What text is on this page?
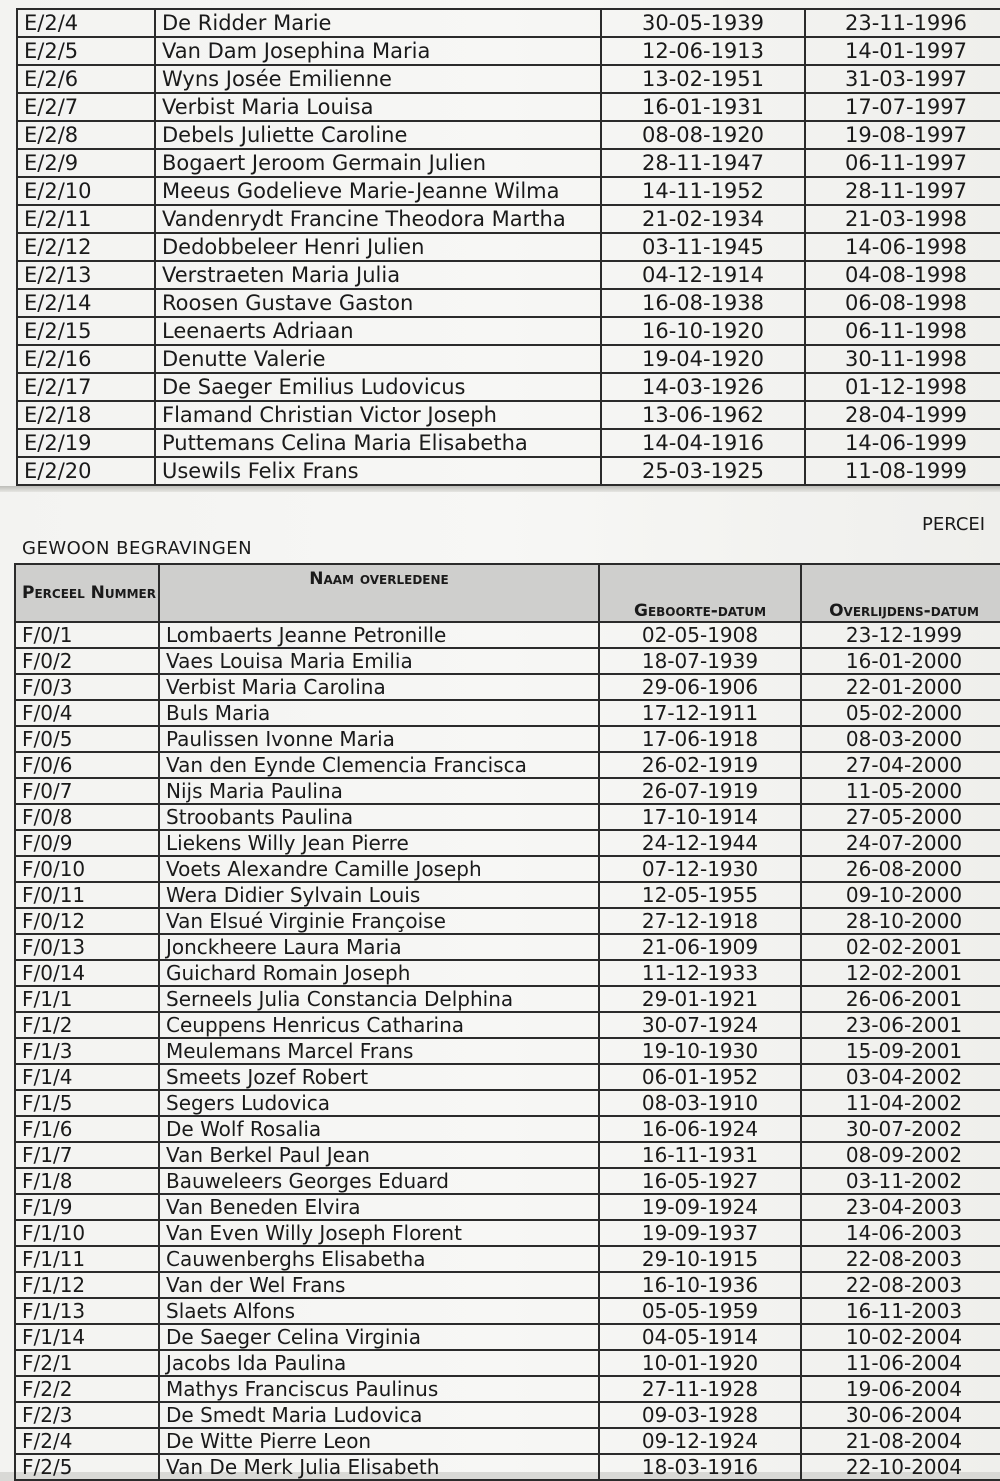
E/2/4	De Ridder Marie	30-05-1939	23-11-1996
E/2/5	Van Dam Josephina Maria	12-06-1913	14-01-1997
E/2/6	Wyns Josée Emilienne	13-02-1951	31-03-1997
E/2/7	Verbist Maria Louisa	16-01-1931	17-07-1997
E/2/8	Debels Juliette Caroline	08-08-1920	19-08-1997
E/2/9	Bogaert Jeroom Germain Julien	28-11-1947	06-11-1997
E/2/10	Meeus Godelieve Marie-Jeanne Wilma	14-11-1952	28-11-1997
E/2/11	Vandenrydt Francine Theodora Martha	21-02-1934	21-03-1998
E/2/12	Dedobbeleer Henri Julien	03-11-1945	14-06-1998
E/2/13	Verstraeten Maria Julia	04-12-1914	04-08-1998
E/2/14	Roosen Gustave Gaston	16-08-1938	06-08-1998
E/2/15	Leenaerts Adriaan	16-10-1920	06-11-1998
E/2/16	Denutte Valerie	19-04-1920	30-11-1998
E/2/17	De Saeger Emilius Ludovicus	14-03-1926	01-12-1998
E/2/18	Flamand Christian Victor Joseph	13-06-1962	28-04-1999
E/2/19	Puttemans Celina Maria Elisabetha	14-04-1916	14-06-1999
E/2/20	Usewils Felix Frans	25-03-1925	11-08-1999
PERCEI
GEWOON BEGRAVINGEN
Perceel Nummer	Naam overledene	Geboorte-datum	Overlijdens-datum
F/0/1	Lombaerts Jeanne Petronille	02-05-1908	23-12-1999
F/0/2	Vaes Louisa Maria Emilia	18-07-1939	16-01-2000
F/0/3	Verbist Maria Carolina	29-06-1906	22-01-2000
F/0/4	Buls Maria	17-12-1911	05-02-2000
F/0/5	Paulissen Ivonne Maria	17-06-1918	08-03-2000
F/0/6	Van den Eynde Clemencia Francisca	26-02-1919	27-04-2000
F/0/7	Nijs Maria Paulina	26-07-1919	11-05-2000
F/0/8	Stroobants Paulina	17-10-1914	27-05-2000
F/0/9	Liekens Willy Jean Pierre	24-12-1944	24-07-2000
F/0/10	Voets Alexandre Camille Joseph	07-12-1930	26-08-2000
F/0/11	Wera Didier Sylvain Louis	12-05-1955	09-10-2000
F/0/12	Van Elsué Virginie Françoise	27-12-1918	28-10-2000
F/0/13	Jonckheere Laura Maria	21-06-1909	02-02-2001
F/0/14	Guichard Romain Joseph	11-12-1933	12-02-2001
F/1/1	Serneels Julia Constancia Delphina	29-01-1921	26-06-2001
F/1/2	Ceuppens Henricus Catharina	30-07-1924	23-06-2001
F/1/3	Meulemans Marcel Frans	19-10-1930	15-09-2001
F/1/4	Smeets Jozef Robert	06-01-1952	03-04-2002
F/1/5	Segers Ludovica	08-03-1910	11-04-2002
F/1/6	De Wolf Rosalia	16-06-1924	30-07-2002
F/1/7	Van Berkel Paul Jean	16-11-1931	08-09-2002
F/1/8	Bauweleers Georges Eduard	16-05-1927	03-11-2002
F/1/9	Van Beneden Elvira	19-09-1924	23-04-2003
F/1/10	Van Even Willy Joseph Florent	19-09-1937	14-06-2003
F/1/11	Cauwenberghs Elisabetha	29-10-1915	22-08-2003
F/1/12	Van der Wel Frans	16-10-1936	22-08-2003
F/1/13	Slaets Alfons	05-05-1959	16-11-2003
F/1/14	De Saeger Celina Virginia	04-05-1914	10-02-2004
F/2/1	Jacobs Ida Paulina	10-01-1920	11-06-2004
F/2/2	Mathys Franciscus Paulinus	27-11-1928	19-06-2004
F/2/3	De Smedt Maria Ludovica	09-03-1928	30-06-2004
F/2/4	De Witte Pierre Leon	09-12-1924	21-08-2004
F/2/5	Van De Merk Julia Elisabeth	18-03-1916	22-10-2004
